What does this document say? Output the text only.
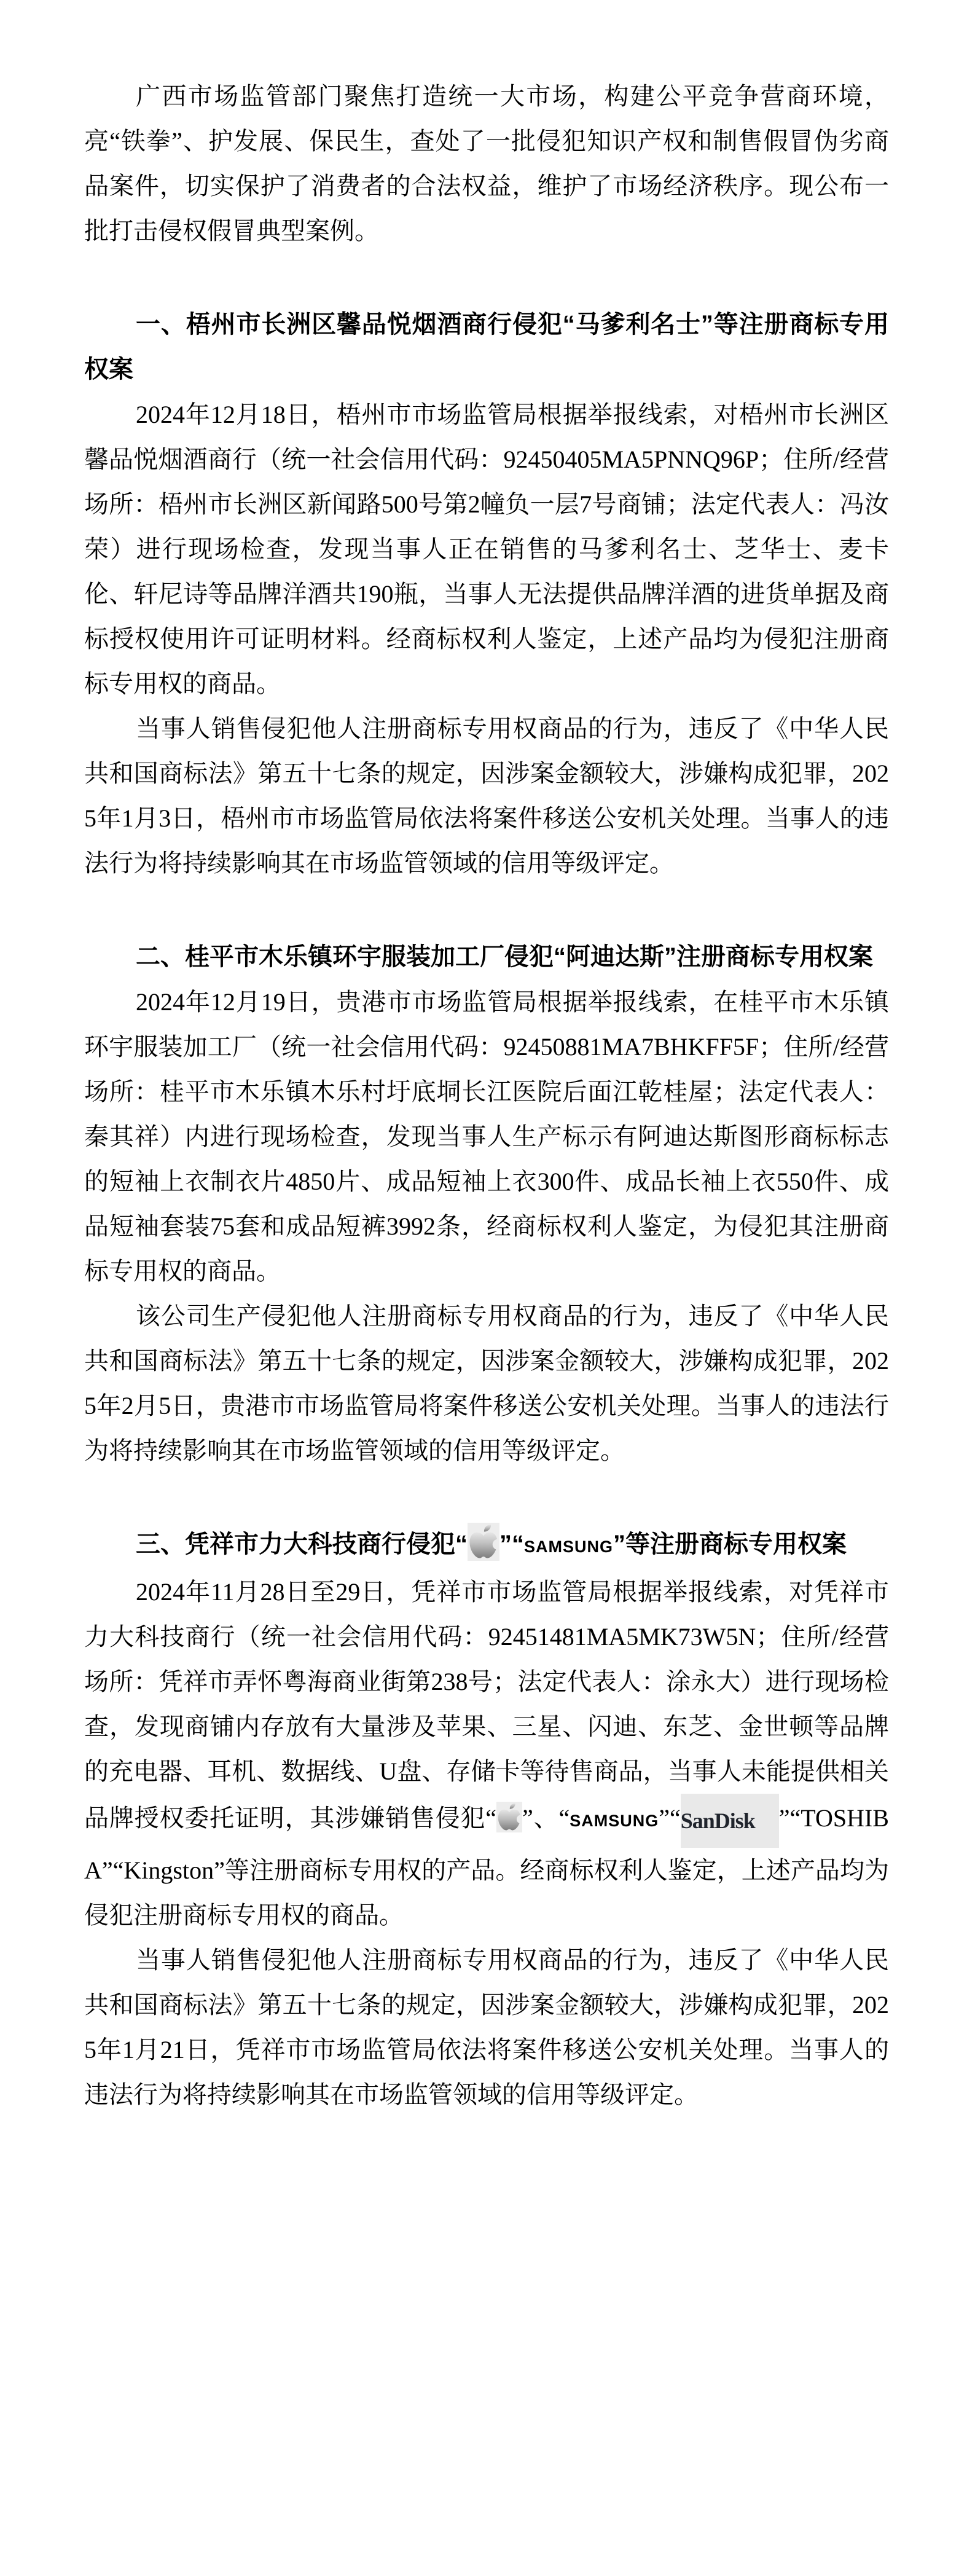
广西市场监管部门聚焦打造统一大市场，构建公平竞争营商环境，亮“铁拳”、护发展、保民生，查处了一批侵犯知识产权和制售假冒伪劣商品案件，切实保护了消费者的合法权益，维护了市场经济秩序。现公布一批打击侵权假冒典型案例。

一、梧州市长洲区馨品悦烟酒商行侵犯“马爹利名士”等注册商标专用权案

2024年12月18日，梧州市市场监管局根据举报线索，对梧州市长洲区馨品悦烟酒商行（统一社会信用代码：92450405MA5PNNQ96P；住所/经营场所：梧州市长洲区新闻路500号第2幢负一层7号商铺；法定代表人：冯汝荣）进行现场检查，发现当事人正在销售的马爹利名士、芝华士、麦卡伦、轩尼诗等品牌洋酒共190瓶，当事人无法提供品牌洋酒的进货单据及商标授权使用许可证明材料。经商标权利人鉴定，上述产品均为侵犯注册商标专用权的商品。

当事人销售侵犯他人注册商标专用权商品的行为，违反了《中华人民共和国商标法》第五十七条的规定，因涉案金额较大，涉嫌构成犯罪，2025年1月3日，梧州市市场监管局依法将案件移送公安机关处理。当事人的违法行为将持续影响其在市场监管领域的信用等级评定。

二、桂平市木乐镇环宇服装加工厂侵犯“阿迪达斯”注册商标专用权案

2024年12月19日，贵港市市场监管局根据举报线索，在桂平市木乐镇环宇服装加工厂（统一社会信用代码：92450881MA7BHKFF5F；住所/经营场所：桂平市木乐镇木乐村圩底垌长江医院后面江乾桂屋；法定代表人：秦其祥）内进行现场检查，发现当事人生产标示有阿迪达斯图形商标标志的短袖上衣制衣片4850片、成品短袖上衣300件、成品长袖上衣550件、成品短袖套装75套和成品短裤3992条，经商标权利人鉴定，为侵犯其注册商标专用权的商品。

该公司生产侵犯他人注册商标专用权商品的行为，违反了《中华人民共和国商标法》第五十七条的规定，因涉案金额较大，涉嫌构成犯罪，2025年2月5日，贵港市市场监管局将案件移送公安机关处理。当事人的违法行为将持续影响其在市场监管领域的信用等级评定。

三、凭祥市力大科技商行侵犯“ ”“SAMSUNG”等注册商标专用权案

2024年11月28日至29日，凭祥市市场监管局根据举报线索，对凭祥市力大科技商行（统一社会信用代码：92451481MA5MK73W5N；住所/经营场所：凭祥市弄怀粤海商业街第238号；法定代表人：涂永大）进行现场检查，发现商铺内存放有大量涉及苹果、三星、闪迪、东芝、金世顿等品牌的充电器、耳机、数据线、U盘、存储卡等待售商品，当事人未能提供相关品牌授权委托证明，其涉嫌销售侵犯“ ”、“SAMSUNG”“SanDisk ”“TOSHIBA”“Kingston”等注册商标专用权的产品。经商标权利人鉴定，上述产品均为侵犯注册商标专用权的商品。

当事人销售侵犯他人注册商标专用权商品的行为，违反了《中华人民共和国商标法》第五十七条的规定，因涉案金额较大，涉嫌构成犯罪，2025年1月21日，凭祥市市场监管局依法将案件移送公安机关处理。当事人的违法行为将持续影响其在市场监管领域的信用等级评定。
